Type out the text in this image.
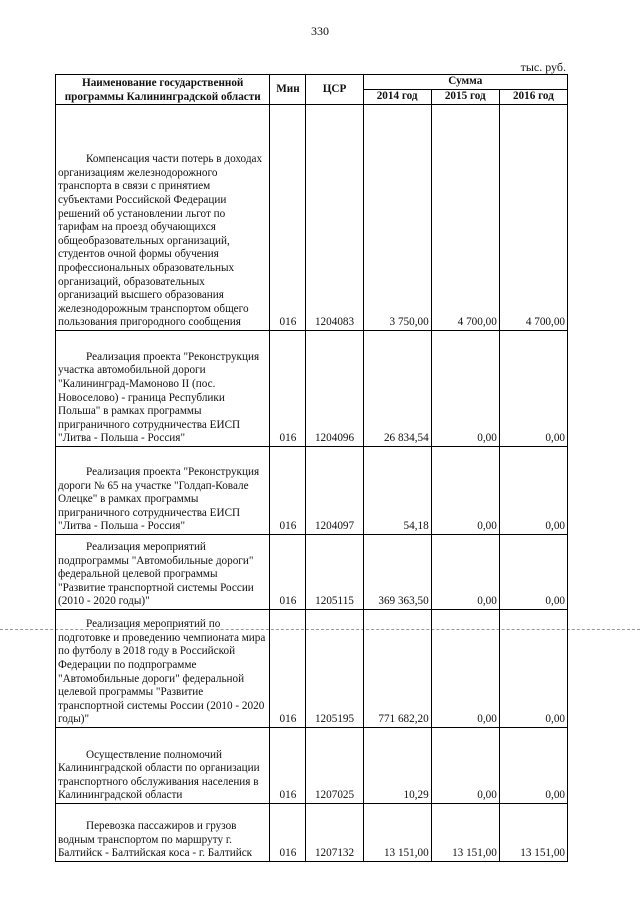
330
тыс. руб.
Наименование государственной программы Калининградской области	Мин	ЦСР	Сумма		
			2014 год	2015 год	2016 год
Компенсация части потерь в доходах организациям железнодорожного транспорта в связи с принятием субъектами Российской Федерации решений об установлении льгот по тарифам на проезд обучающихся общеобразовательных организаций, студентов очной формы обучения профессиональных образовательных организаций, образовательных организаций высшего образования железнодорожным транспортом общего пользования пригородного сообщения	016	1204083	3 750,00	4 700,00	4 700,00
Реализация проекта "Реконструкция участка автомобильной дороги "Калининград-Мамоново II (пос. Новоселово) - граница Республики Польша" в рамках программы приграничного сотрудничества ЕИСП "Литва - Польша - Россия"	016	1204096	26 834,54	0,00	0,00
Реализация проекта "Реконструкция дороги № 65 на участке "Голдап-Ковале Олецке" в рамках программы приграничного сотрудничества ЕИСП "Литва - Польша - Россия"	016	1204097	54,18	0,00	0,00
Реализация мероприятий подпрограммы "Автомобильные дороги" федеральной целевой программы "Развитие транспортной системы России (2010 - 2020 годы)"	016	1205115	369 363,50	0,00	0,00
Реализация мероприятий по подготовке и проведению чемпионата мира по футболу в 2018 году в Российской Федерации по подпрограмме "Автомобильные дороги" федеральной целевой программы "Развитие транспортной системы России (2010 - 2020 годы)"	016	1205195	771 682,20	0,00	0,00
Осуществление полномочий Калининградской области по организации транспортного обслуживания населения в Калининградской области	016	1207025	10,29	0,00	0,00
Перевозка пассажиров и грузов водным транспортом по маршруту г. Балтийск - Балтийская коса - г. Балтийск	016	1207132	13 151,00	13 151,00	13 151,00
